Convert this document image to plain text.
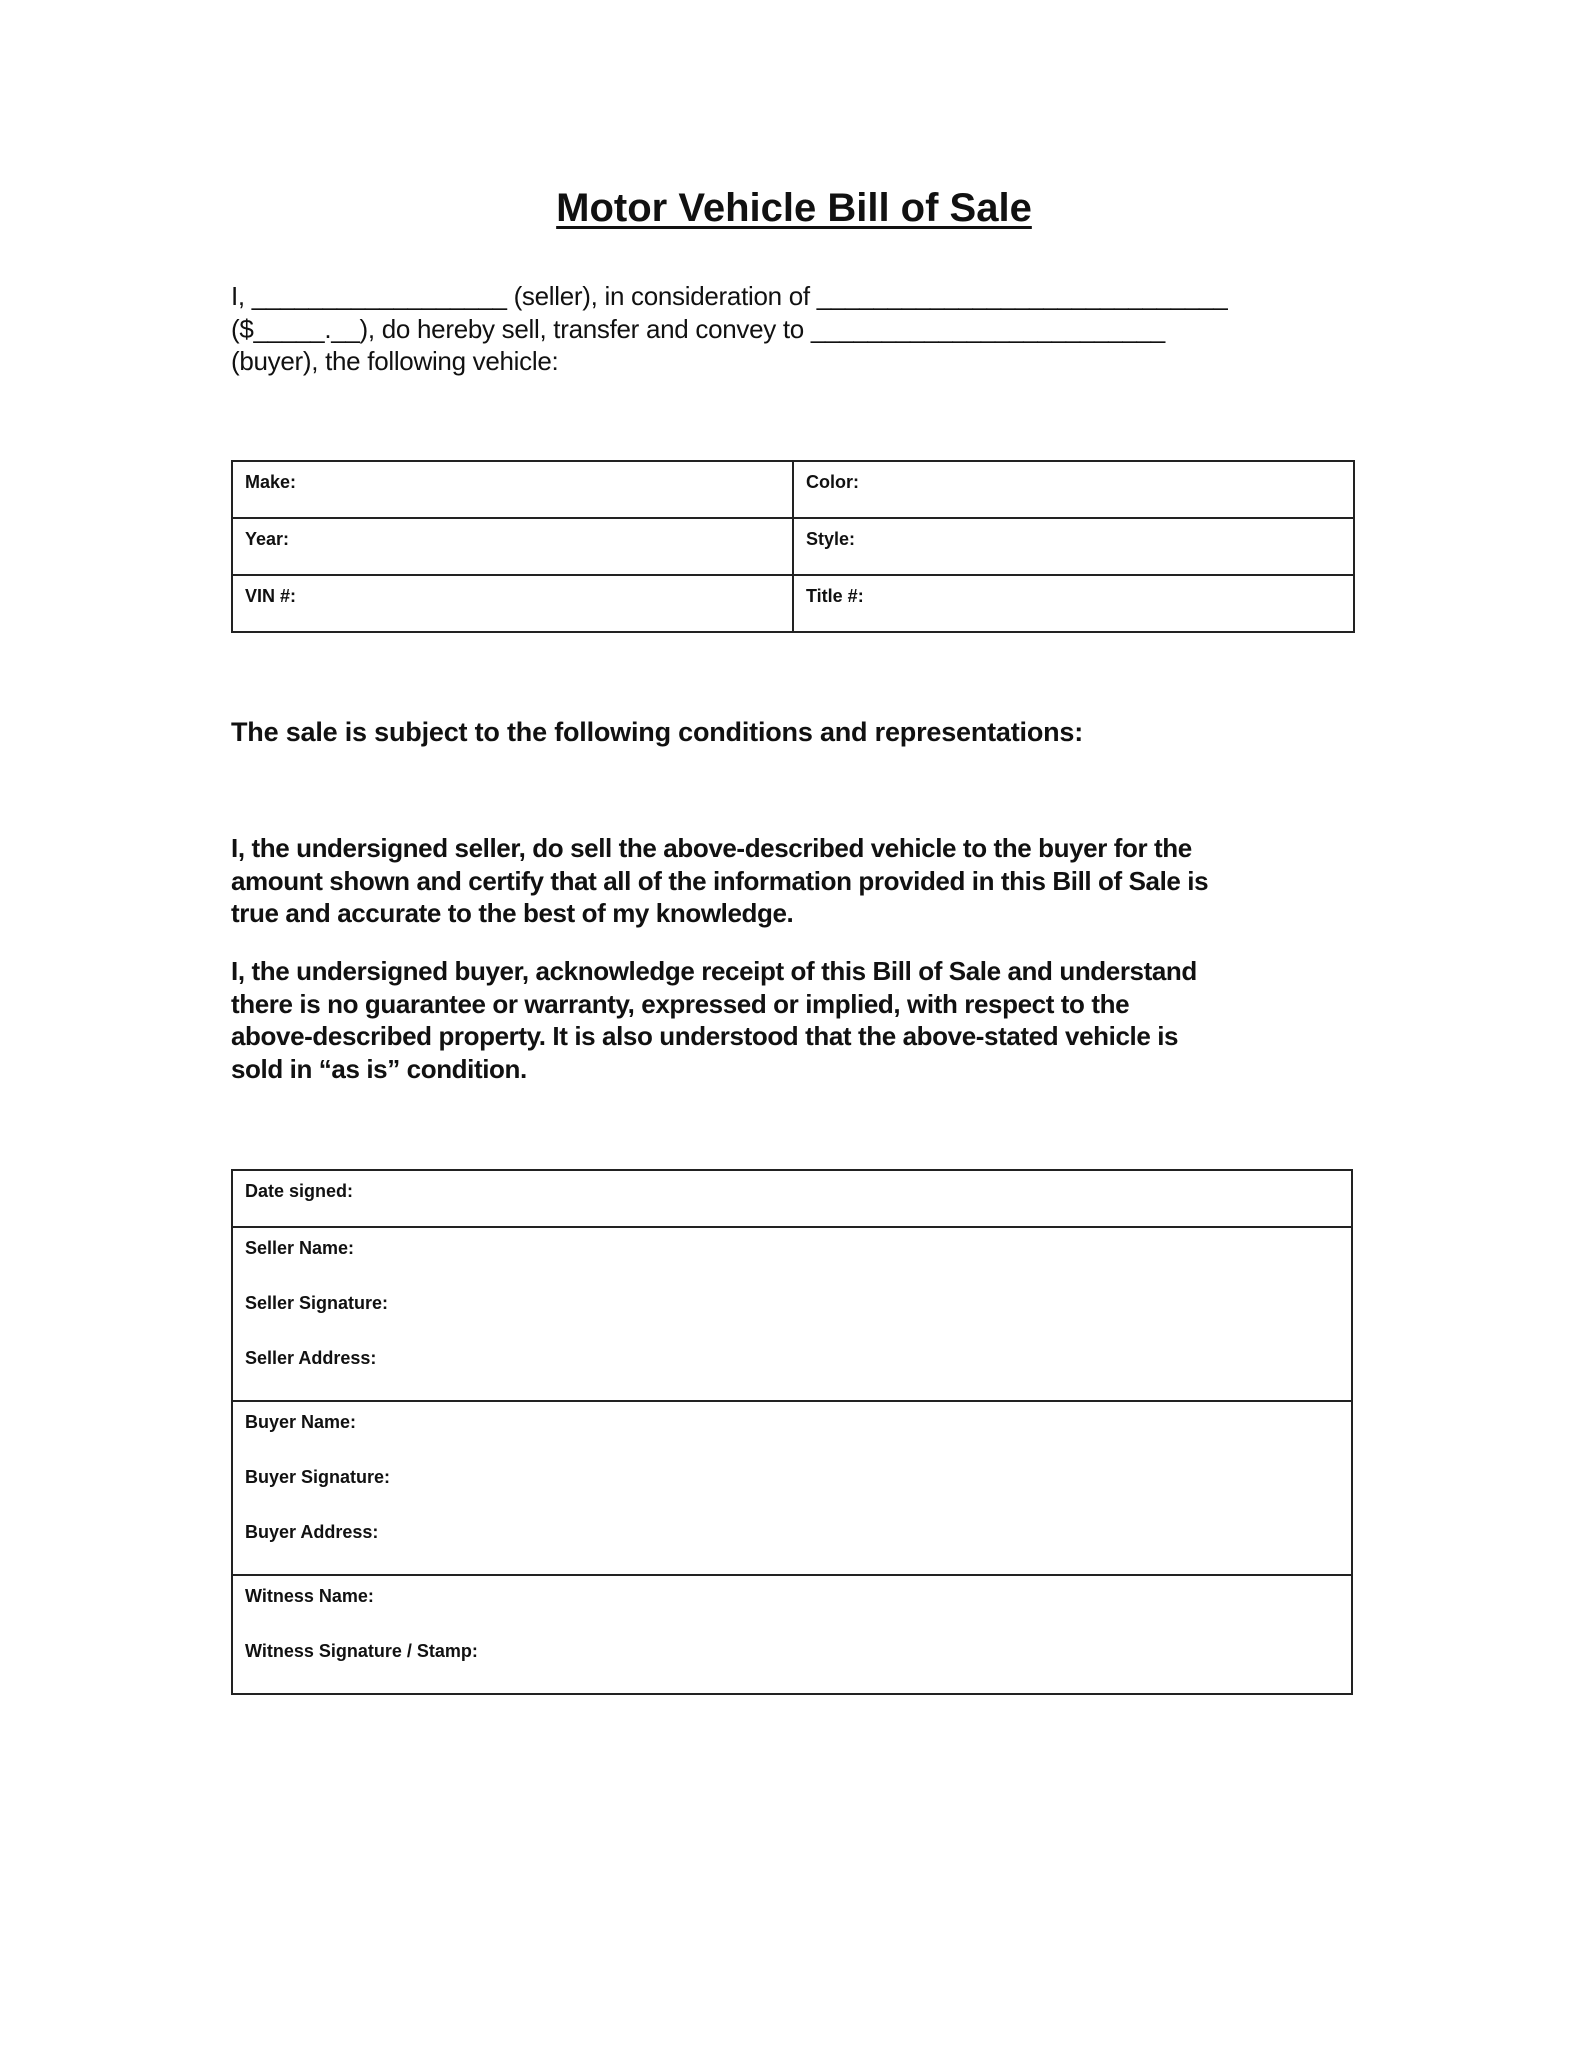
Motor Vehicle Bill of Sale
I, __________________ (seller), in consideration of _____________________________
($_____.__), do hereby sell, transfer and convey to _________________________
(buyer), the following vehicle:
Make:	Color:
Year:	Style:
VIN #:	Title #:
The sale is subject to the following conditions and representations:
I, the undersigned seller, do sell the above-described vehicle to the buyer for the
amount shown and certify that all of the information provided in this Bill of Sale is
true and accurate to the best of my knowledge.
I, the undersigned buyer, acknowledge receipt of this Bill of Sale and understand
there is no guarantee or warranty, expressed or implied, with respect to the
above-described property. It is also understood that the above-stated vehicle is
sold in “as is” condition.
Date signed:

Seller Name:
Seller Signature:
Seller Address:

Buyer Name:
Buyer Signature:
Buyer Address:

Witness Name:
Witness Signature / Stamp:
